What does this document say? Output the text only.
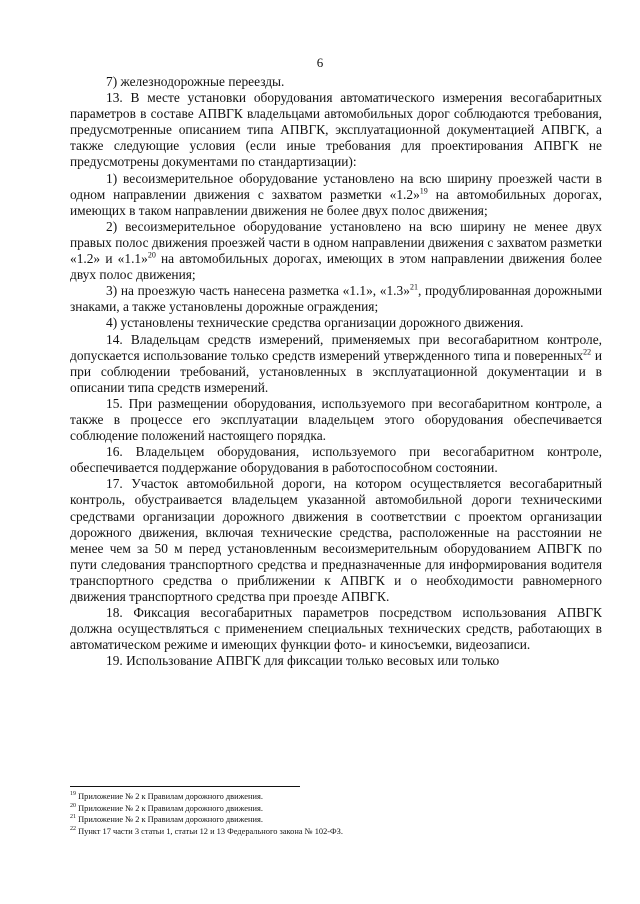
6

7) железнодорожные переезды.

13. В месте установки оборудования автоматического измерения весогабаритных параметров в составе АПВГК владельцами автомобильных дорог соблюдаются требования, предусмотренные описанием типа АПВГК, эксплуатационной документацией АПВГК, а также следующие условия (если иные требования для проектирования АПВГК не предусмотрены документами по стандартизации):

1) весоизмерительное оборудование установлено на всю ширину проезжей части в одном направлении движения с захватом разметки «1.2»$^{19}$ на автомобильных дорогах, имеющих в таком направлении движения не более двух полос движения;

2) весоизмерительное оборудование установлено на всю ширину не менее двух правых полос движения проезжей части в одном направлении движения с захватом разметки «1.2» и «1.1»$^{20}$ на автомобильных дорогах, имеющих в этом направлении движения более двух полос движения;

3) на проезжую часть нанесена разметка «1.1», «1.3»$^{21}$, продублированная дорожными знаками, а также установлены дорожные ограждения;

4) установлены технические средства организации дорожного движения.

14. Владельцам средств измерений, применяемых при весогабаритном контроле, допускается использование только средств измерений утвержденного типа и поверенных$^{22}$ и при соблюдении требований, установленных в эксплуатационной документации и в описании типа средств измерений.

15. При размещении оборудования, используемого при весогабаритном контроле, а также в процессе его эксплуатации владельцем этого оборудования обеспечивается соблюдение положений настоящего порядка.

16. Владельцем оборудования, используемого при весогабаритном контроле, обеспечивается поддержание оборудования в работоспособном состоянии.

17. Участок автомобильной дороги, на котором осуществляется весогабаритный контроль, обустраивается владельцем указанной автомобильной дороги техническими средствами организации дорожного движения в соответствии с проектом организации дорожного движения, включая технические средства, расположенные на расстоянии не менее чем за 50 м перед установленным весоизмерительным оборудованием АПВГК по пути следования транспортного средства и предназначенные для информирования водителя транспортного средства о приближении к АПВГК и о необходимости равномерного движения транспортного средства при проезде АПВГК.

18. Фиксация весогабаритных параметров посредством использования АПВГК должна осуществляться с применением специальных технических средств, работающих в автоматическом режиме и имеющих функции фото- и киносъемки, видеозаписи.

19. Использование АПВГК для фиксации только весовых или только

$^{19}$ Приложение № 2 к Правилам дорожного движения.

$^{20}$ Приложение № 2 к Правилам дорожного движения.

$^{21}$ Приложение № 2 к Правилам дорожного движения.

$^{22}$ Пункт 17 части 3 статьи 1, статьи 12 и 13 Федерального закона № 102-ФЗ.
